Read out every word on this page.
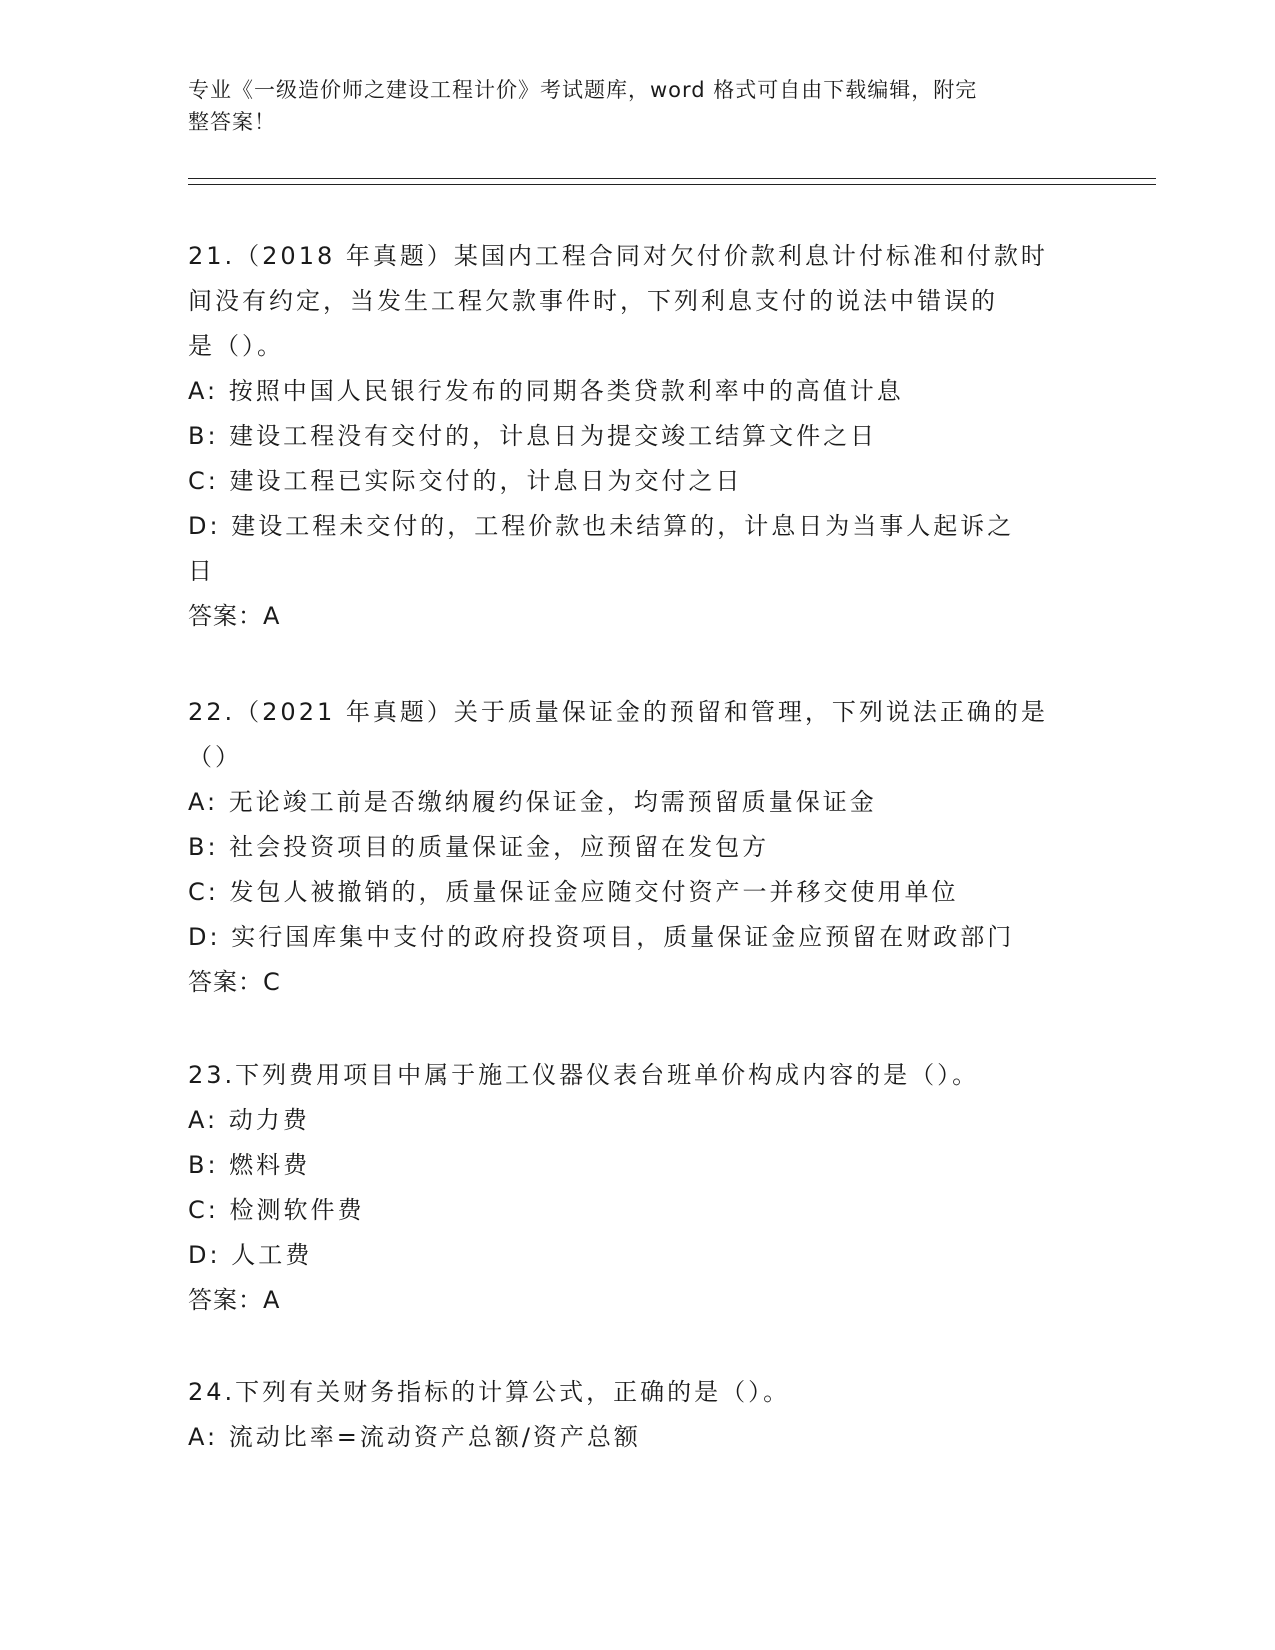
专业《一级造价师之建设工程计价》考试题库，word 格式可自由下载编辑，附完
整答案！

21.（2018 年真题）某国内工程合同对欠付价款利息计付标准和付款时

间没有约定，当发生工程欠款事件时，下列利息支付的说法中错误的

是（）。

A: 按照中国人民银行发布的同期各类贷款利率中的高值计息

B: 建设工程没有交付的，计息日为提交竣工结算文件之日

C: 建设工程已实际交付的，计息日为交付之日

D: 建设工程未交付的，工程价款也未结算的，计息日为当事人起诉之

日

答案：A

22.（2021 年真题）关于质量保证金的预留和管理，下列说法正确的是

（）

A: 无论竣工前是否缴纳履约保证金，均需预留质量保证金

B: 社会投资项目的质量保证金，应预留在发包方

C: 发包人被撤销的，质量保证金应随交付资产一并移交使用单位

D: 实行国库集中支付的政府投资项目，质量保证金应预留在财政部门

答案：C

23.下列费用项目中属于施工仪器仪表台班单价构成内容的是（）。

A: 动力费

B: 燃料费

C: 检测软件费

D: 人工费

答案：A

24.下列有关财务指标的计算公式，正确的是（）。

A: 流动比率=流动资产总额/资产总额
